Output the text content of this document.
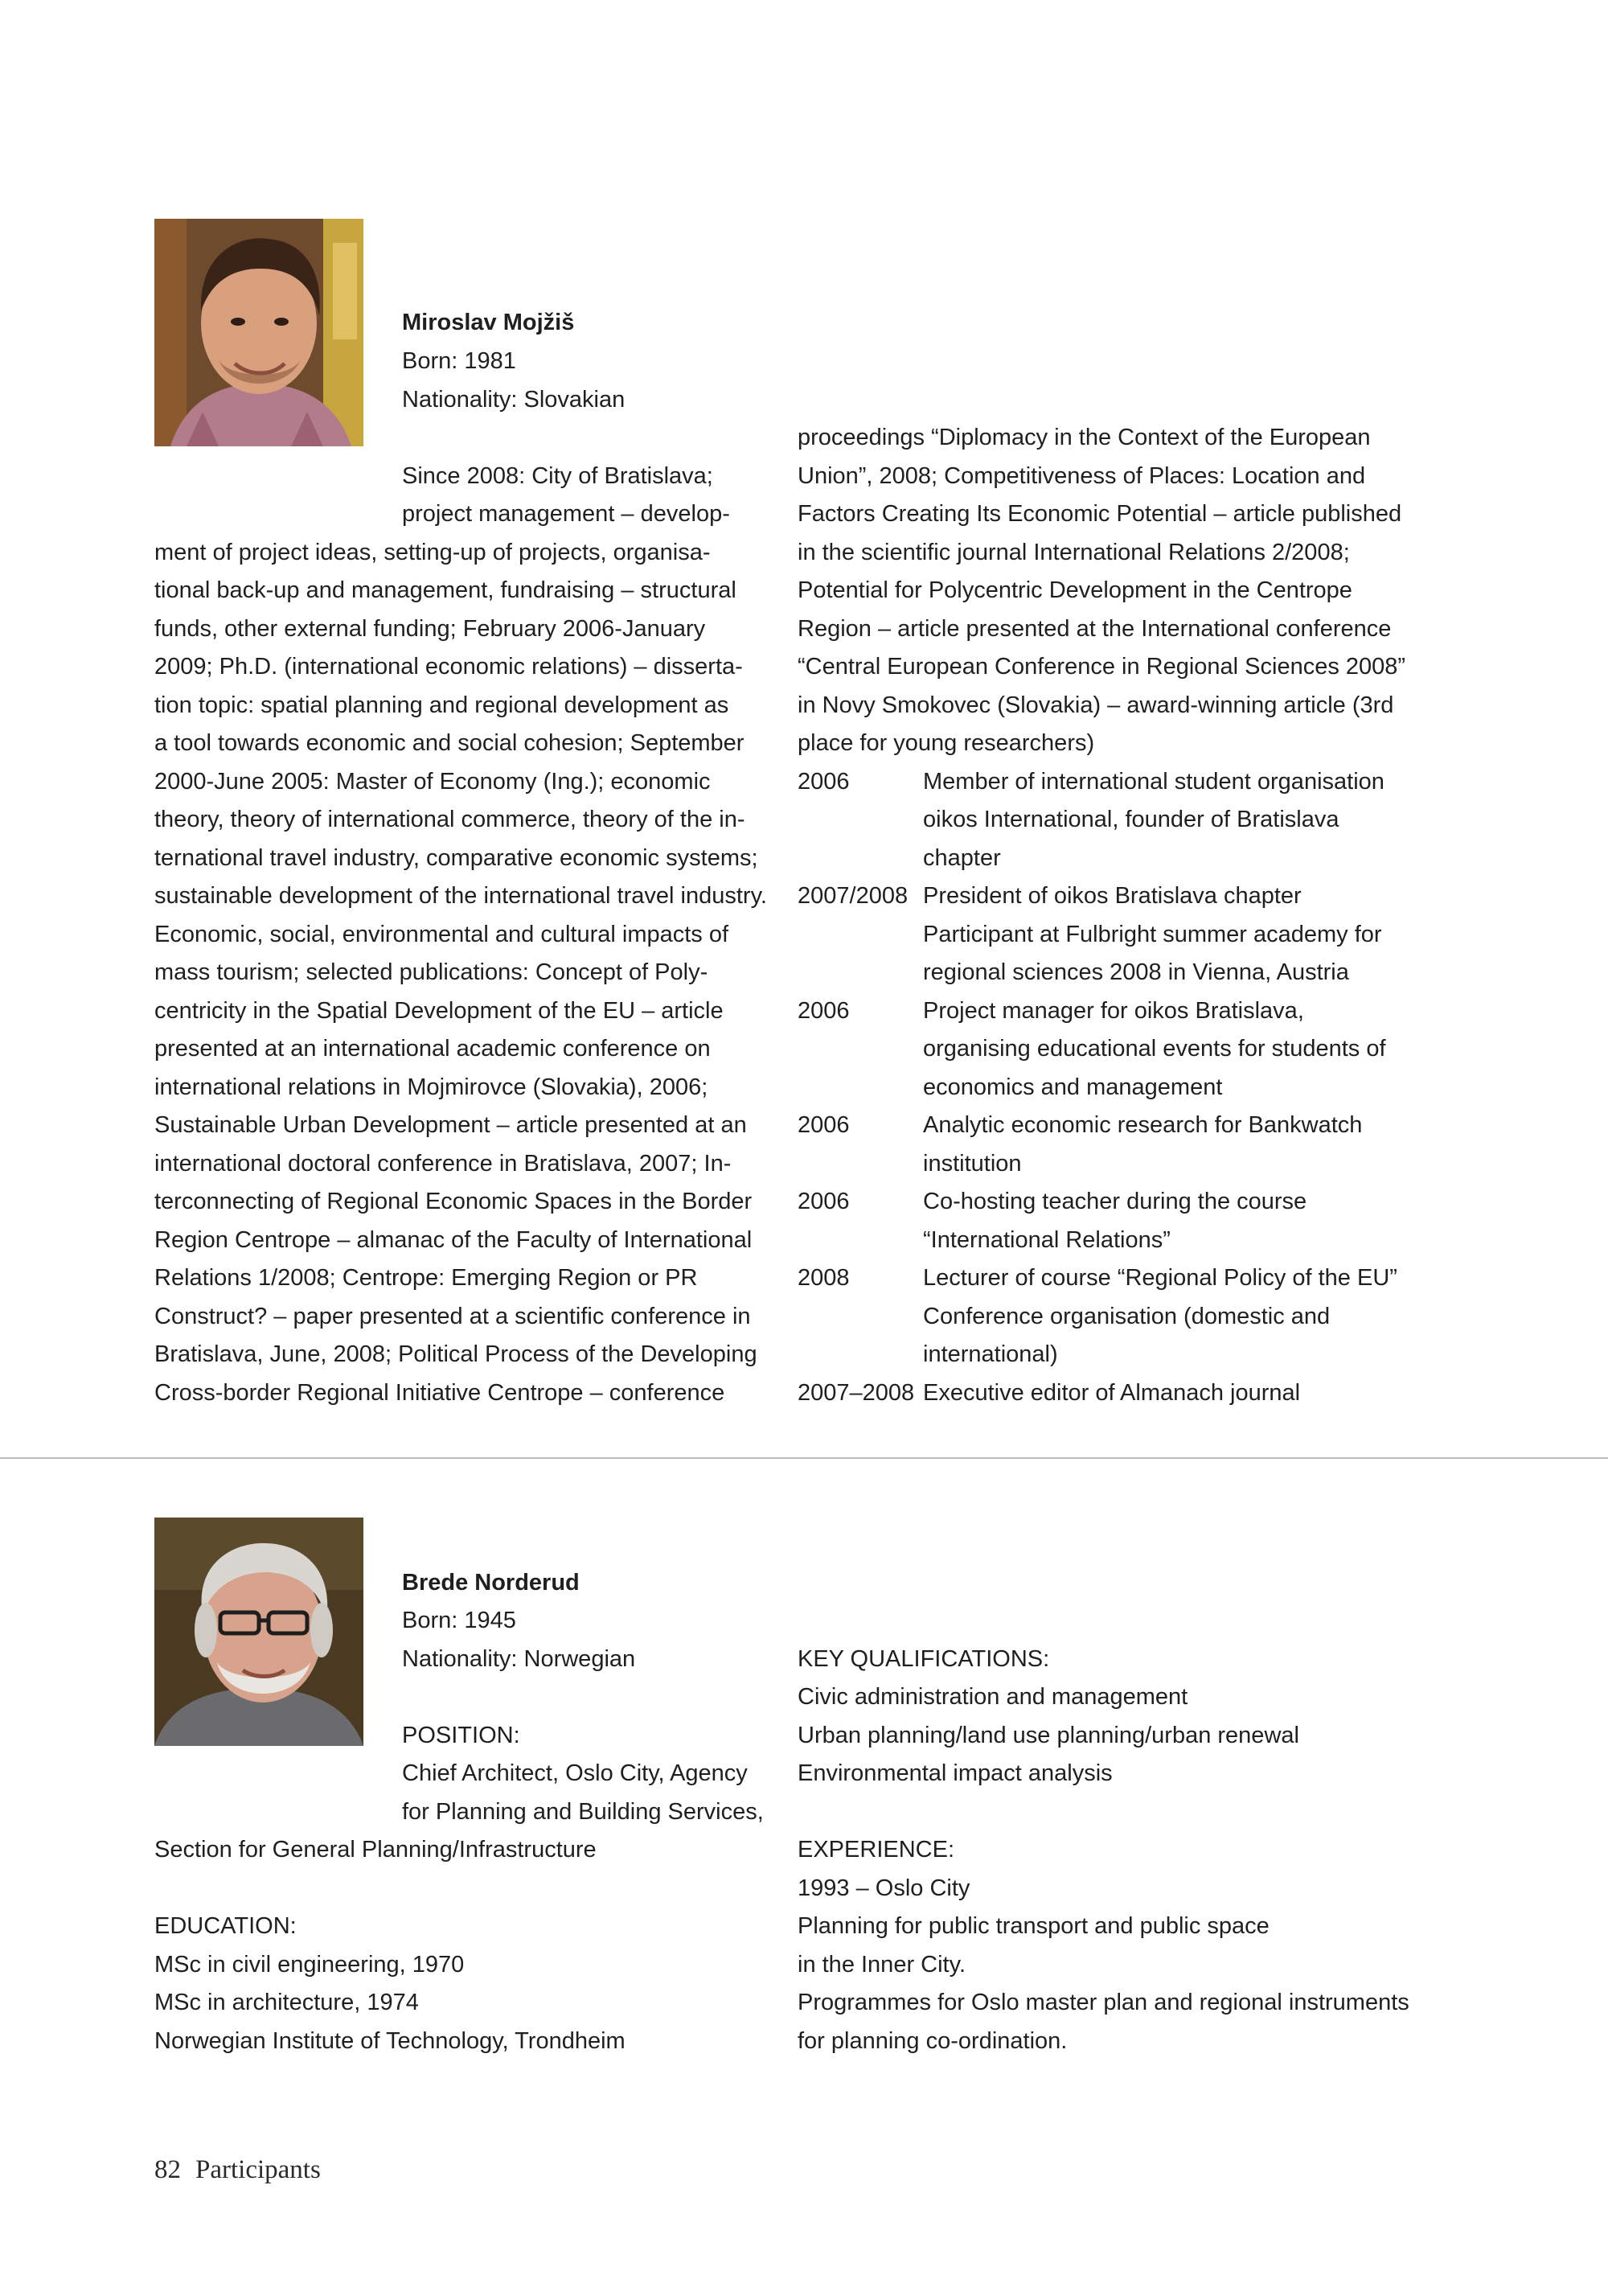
Miroslav Mojžiš
Born: 1981
Nationality: Slovakian
Since 2008: City of Bratislava;
project management – develop-
ment of project ideas, setting-up of projects, organisa-
tional back-up and management, fundraising – structural
funds, other external funding; February 2006-January
2009; Ph.D. (international economic relations) – disserta-
tion topic: spatial planning and regional development as
a tool towards economic and social cohesion; September
2000-June 2005: Master of Economy (Ing.); economic
theory, theory of international commerce, theory of the in-
ternational travel industry, comparative economic systems;
sustainable development of the international travel industry.
Economic, social, environmental and cultural impacts of
mass tourism; selected publications: Concept of Poly-
centricity in the Spatial Development of the EU – article
presented at an international academic conference on
international relations in Mojmirovce (Slovakia), 2006;
Sustainable Urban Development – article presented at an
international doctoral conference in Bratislava, 2007; In-
terconnecting of Regional Economic Spaces in the Border
Region Centrope – almanac of the Faculty of International
Relations 1/2008; Centrope: Emerging Region or PR
Construct? – paper presented at a scientific conference in
Bratislava, June, 2008; Political Process of the Developing
Cross-border Regional Initiative Centrope – conference
proceedings “Diplomacy in the Context of the European
Union”, 2008; Competitiveness of Places: Location and
Factors Creating Its Economic Potential – article published
in the scientific journal International Relations 2/2008;
Potential for Polycentric Development in the Centrope
Region – article presented at the International conference
“Central European Conference in Regional Sciences 2008”
in Novy Smokovec (Slovakia) – award-winning article (3rd
place for young researchers)
2006	Member of international student organisation
oikos International, founder of Bratislava
chapter
2007/2008 President of oikos Bratislava chapter
Participant at Fulbright summer academy for
regional sciences 2008 in Vienna, Austria
2006	Project manager for oikos Bratislava,
organising educational events for students of
economics and management
2006	Analytic economic research for Bankwatch
institution
2006	Co-hosting teacher during the course
“International Relations”
2008	Lecturer of course “Regional Policy of the EU”
Conference organisation (domestic and
international)
2007–2008 Executive editor of Almanach journal
Brede Norderud
Born: 1945
Nationality: Norwegian
POSITION:
Chief Architect, Oslo City, Agency
for Planning and Building Services,
Section for General Planning/Infrastructure
EDUCATION:
MSc in civil engineering, 1970
MSc in architecture, 1974
Norwegian Institute of Technology, Trondheim
KEY QUALIFICATIONS:
Civic administration and management
Urban planning/land use planning/urban renewal
Environmental impact analysis
EXPERIENCE:
1993 – Oslo City
Planning for public transport and public space
in the Inner City.
Programmes for Oslo master plan and regional instruments
for planning co-ordination.
82 Participants
